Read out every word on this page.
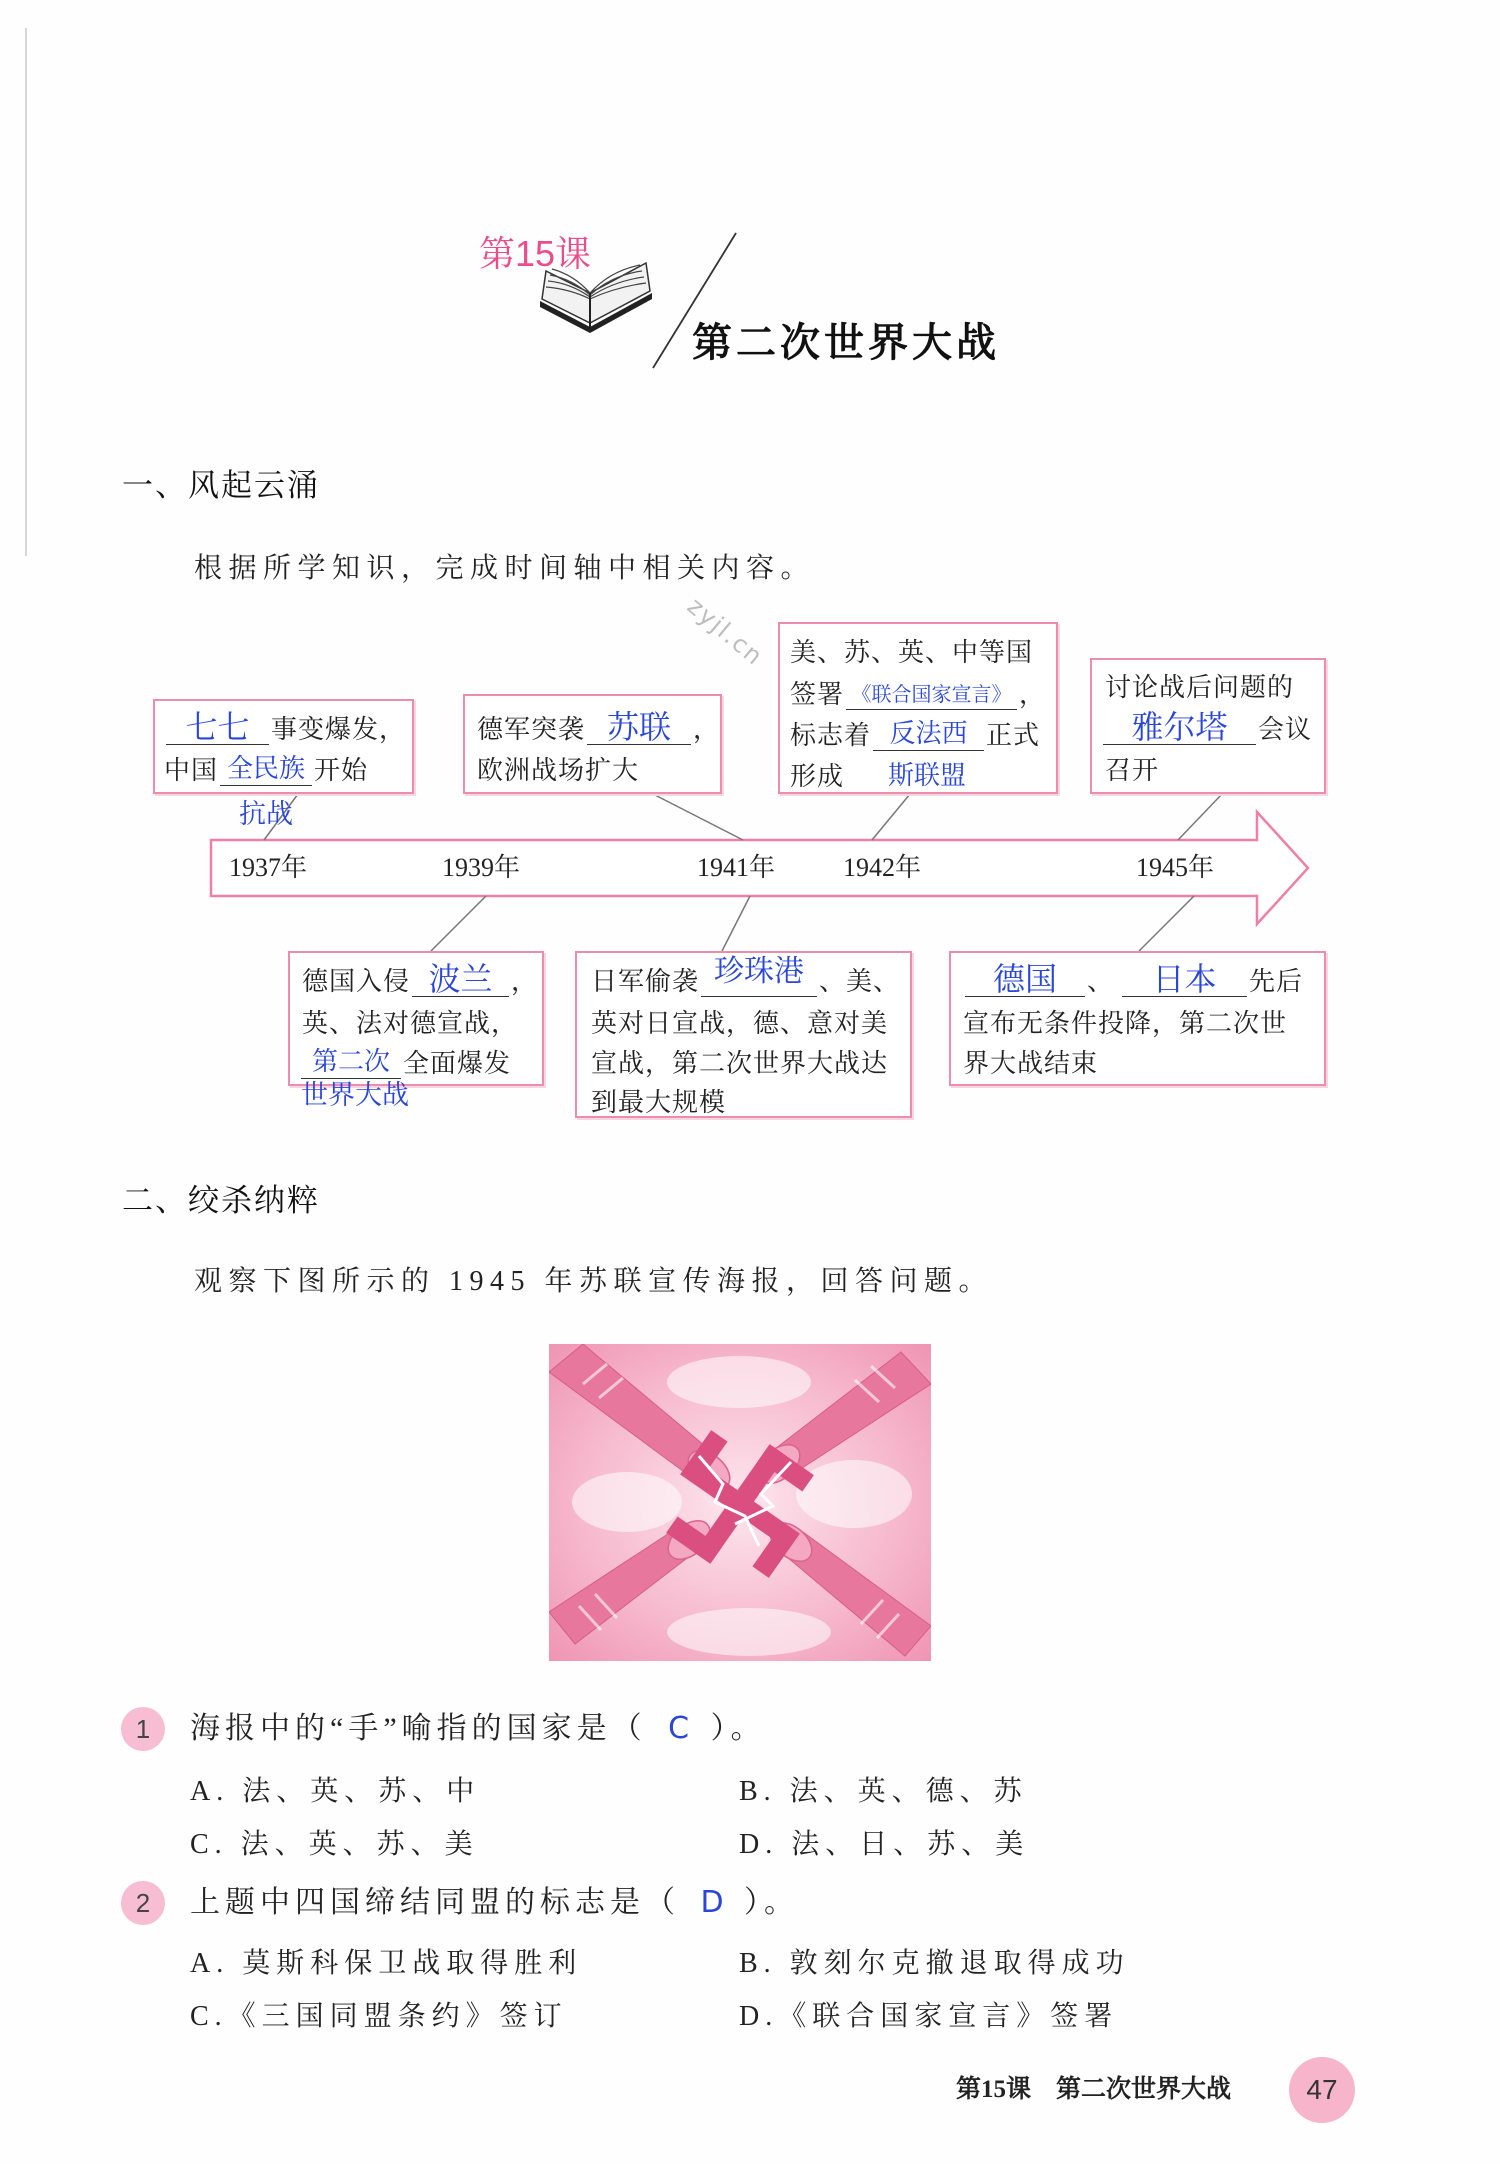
第15课
第二次世界大战
zyjl.cn
一、风起云涌
根据所学知识，完成时间轴中相关内容。
1937年	1939年	1941年	1942年	1945年
七七 事变爆发，
中国 全民族 开始
抗战
德军突袭 苏联 ，
欧洲战场扩大
美、苏、英、中等国
签署 《联合国家宣言》 ，
标志着 反法西 正式
形成 斯联盟
讨论战后问题的
雅尔塔 会议
召开
德国入侵 波兰 ，
英、法对德宣战，
第二次 全面爆发
世界大战
日军偷袭 珍珠港 、美、
英对日宣战，德、意对美
宣战，第二次世界大战达
到最大规模
德国 、 日本 先后
宣布无条件投降，第二次世
界大战结束
二、绞杀纳粹
观察下图所示的 1945 年苏联宣传海报，回答问题。
1 海报中的“手”喻指的国家是（ C ）。
A. 法、英、苏、中	B. 法、英、德、苏
C. 法、英、苏、美	D. 法、日、苏、美
2 上题中四国缔结同盟的标志是（ D ）。
A. 莫斯科保卫战取得胜利	B. 敦刻尔克撤退取得成功
C.《三国同盟条约》签订	D.《联合国家宣言》签署
第15课　第二次世界大战	47
